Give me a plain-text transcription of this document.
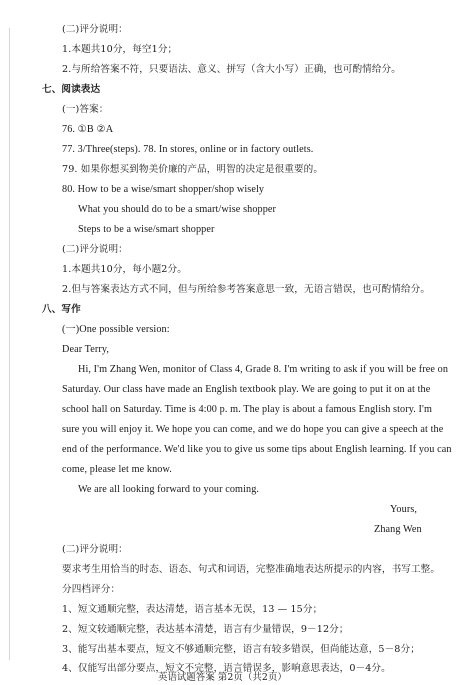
(二)评分说明：
1.本题共10分，每空1分；
2.与所给答案不符，只要语法、意义、拼写（含大小写）正确，也可酌情给分。
七、阅读表达
(一)答案：
76. ①B ②A
77. 3/Three(steps). 78. In stores, online or in factory outlets.
79. 如果你想买到物美价廉的产品，明智的决定是很重要的。
80. How to be a wise/smart shopper/shop wisely
What you should do to be a smart/wise shopper
Steps to be a wise/smart shopper
(二)评分说明：
1.本题共10分，每小题2分。
2.但与答案表达方式不同，但与所给参考答案意思一致，无语言错误，也可酌情给分。
八、写作
(一)One possible version:
Dear Terry,
Hi, I'm Zhang Wen, monitor of Class 4, Grade 8. I'm writing to ask if you will be free on
Saturday. Our class have made an English textbook play. We are going to put it on at the
school hall on Saturday. Time is 4:00 p. m. The play is about a famous English story. I'm
sure you will enjoy it. We hope you can come, and we do hope you can give a speech at the
end of the performance. We'd like you to give us some tips about English learning. If you can
come, please let me know.
We are all looking forward to your coming.
Yours,
Zhang Wen
(二)评分说明：
要求考生用恰当的时态、语态、句式和词语，完整准确地表达所提示的内容，书写工整。
分四档评分：
1、短文通顺完整，表达清楚，语言基本无误，13 — 15分；
2、短文较通顺完整，表达基本清楚，语言有少量错误，9－12分；
3、能写出基本要点，短文不够通顺完整，语言有较多错误，但尚能达意，5－8分；
4、仅能写出部分要点，短文不完整，语言错误多，影响意思表达，0－4分。
英语试题答案 第2页（共2页）
